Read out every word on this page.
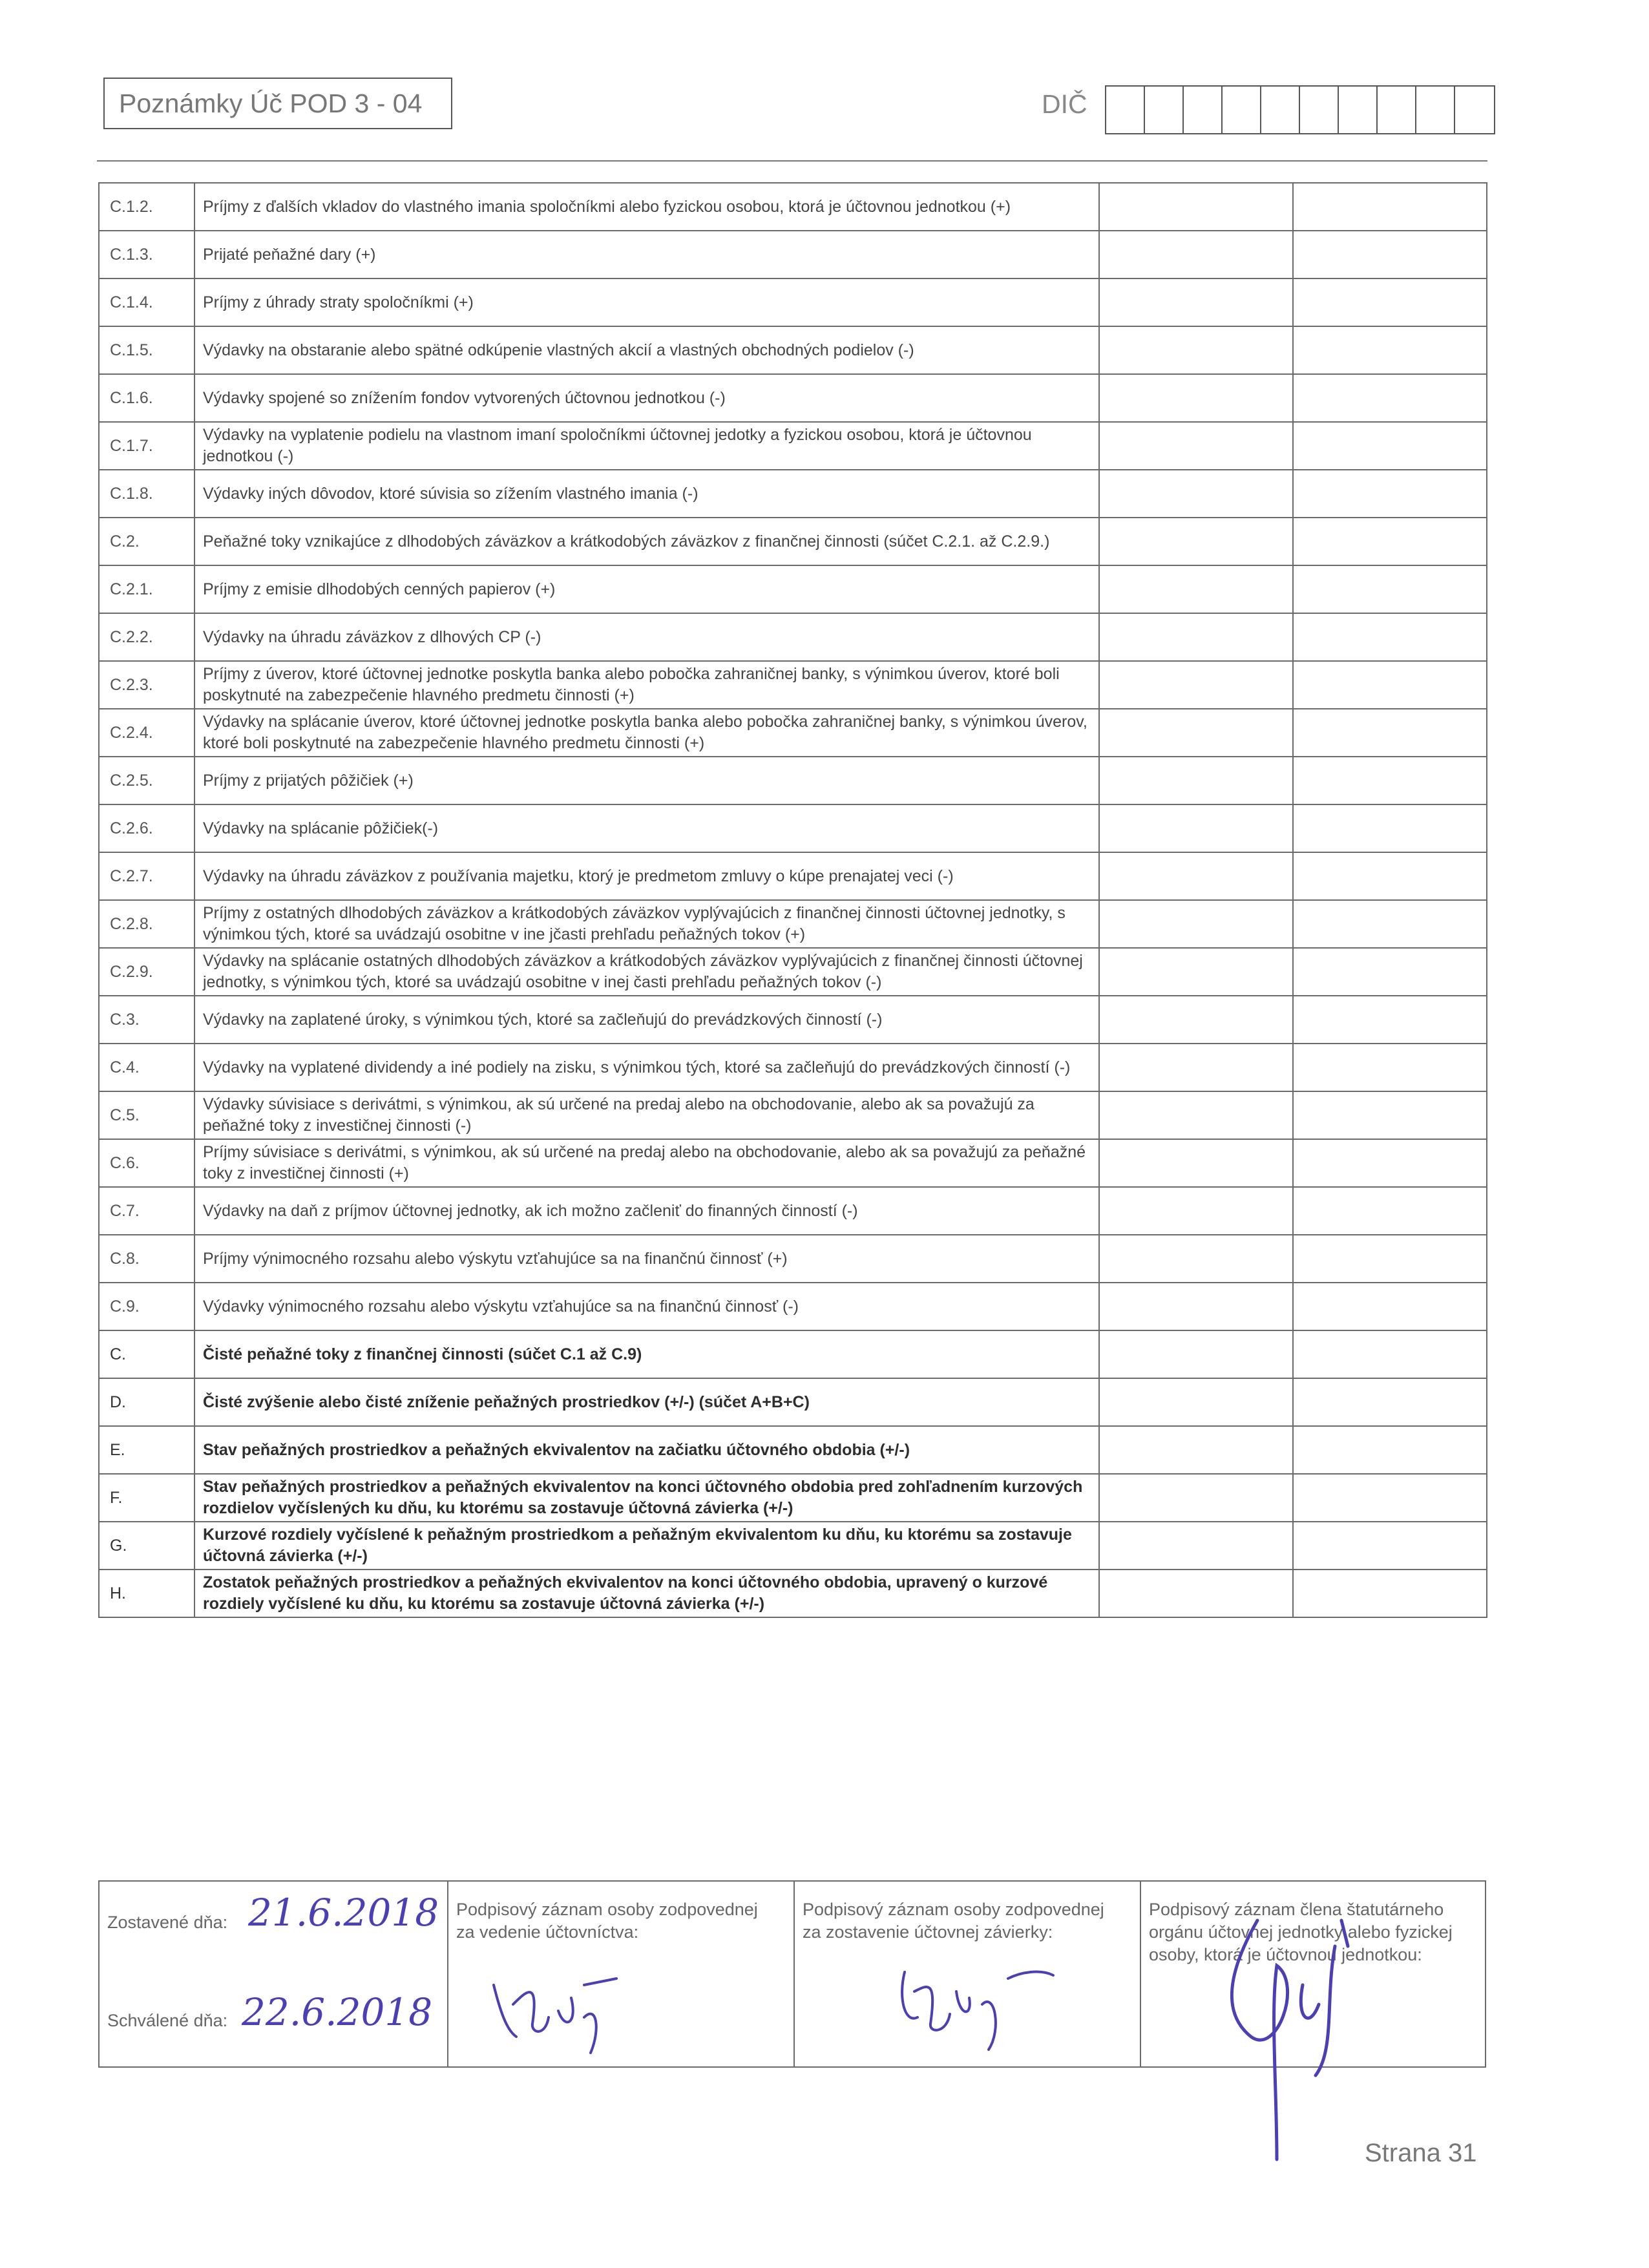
Poznámky Úč POD 3 - 04	DIČ
C.1.2.	Príjmy z ďalších vkladov do vlastného imania spoločníkmi alebo fyzickou osobou, ktorá je účtovnou jednotkou (+)		
C.1.3.	Prijaté peňažné dary (+)		
C.1.4.	Príjmy z úhrady straty spoločníkmi (+)		
C.1.5.	Výdavky na obstaranie alebo spätné odkúpenie vlastných akcií a vlastných obchodných podielov (-)		
C.1.6.	Výdavky spojené so znížením fondov vytvorených účtovnou jednotkou (-)		
C.1.7.	Výdavky na vyplatenie podielu na vlastnom imaní spoločníkmi účtovnej jedotky a fyzickou osobou, ktorá je účtovnou jednotkou (-)		
C.1.8.	Výdavky iných dôvodov, ktoré súvisia so zížením vlastného imania (-)		
C.2.	Peňažné toky vznikajúce z dlhodobých záväzkov a krátkodobých záväzkov z finančnej činnosti (súčet C.2.1. až C.2.9.)		
C.2.1.	Príjmy z emisie dlhodobých cenných papierov (+)		
C.2.2.	Výdavky na úhradu záväzkov z dlhových CP (-)		
C.2.3.	Príjmy z úverov, ktoré účtovnej jednotke poskytla banka alebo pobočka zahraničnej banky, s výnimkou úverov, ktoré boli poskytnuté na zabezpečenie hlavného predmetu činnosti (+)		
C.2.4.	Výdavky na splácanie úverov, ktoré účtovnej jednotke poskytla banka alebo pobočka zahraničnej banky, s výnimkou úverov, ktoré boli poskytnuté na zabezpečenie hlavného predmetu činnosti (+)		
C.2.5.	Príjmy z prijatých pôžičiek (+)		
C.2.6.	Výdavky na splácanie pôžičiek(-)		
C.2.7.	Výdavky na úhradu záväzkov z používania majetku, ktorý je predmetom zmluvy o kúpe prenajatej veci (-)		
C.2.8.	Príjmy z ostatných dlhodobých záväzkov a krátkodobých záväzkov vyplývajúcich z finančnej činnosti účtovnej jednotky, s výnimkou tých, ktoré sa uvádzajú osobitne v ine jčasti prehľadu peňažných tokov (+)		
C.2.9.	Výdavky na splácanie ostatných dlhodobých záväzkov a krátkodobých záväzkov vyplývajúcich z finančnej činnosti účtovnej jednotky, s výnimkou tých, ktoré sa uvádzajú osobitne v inej časti prehľadu peňažných tokov (-)		
C.3.	Výdavky na zaplatené úroky, s výnimkou tých, ktoré sa začleňujú do prevádzkových činností (-)		
C.4.	Výdavky na vyplatené dividendy a iné podiely na zisku, s výnimkou tých, ktoré sa začleňujú do prevádzkových činností (-)		
C.5.	Výdavky súvisiace s derivátmi, s výnimkou, ak sú určené na predaj alebo na obchodovanie, alebo ak sa považujú za peňažné toky z investičnej činnosti (-)		
C.6.	Príjmy súvisiace s derivátmi, s výnimkou, ak sú určené na predaj alebo na obchodovanie, alebo ak sa považujú za peňažné toky z investičnej činnosti (+)		
C.7.	Výdavky na daň z príjmov účtovnej jednotky, ak ich možno začleniť do finanných činností (-)		
C.8.	Príjmy výnimocného rozsahu alebo výskytu vzťahujúce sa na finančnú činnosť (+)		
C.9.	Výdavky výnimocného rozsahu alebo výskytu vzťahujúce sa na finančnú činnosť (-)		
C.	Čisté peňažné toky z finančnej činnosti (súčet C.1 až C.9)		
D.	Čisté zvýšenie alebo čisté zníženie peňažných prostriedkov (+/-) (súčet A+B+C)		
E.	Stav peňažných prostriedkov a peňažných ekvivalentov na začiatku účtovného obdobia (+/-)		
F.	Stav peňažných prostriedkov a peňažných ekvivalentov na konci účtovného obdobia pred zohľadnením kurzových rozdielov vyčíslených ku dňu, ku ktorému sa zostavuje účtovná závierka (+/-)		
G.	Kurzové rozdiely vyčíslené k peňažným prostriedkom a peňažným ekvivalentom ku dňu, ku ktorému sa zostavuje účtovná závierka (+/-)		
H.	Zostatok peňažných prostriedkov a peňažných ekvivalentov na konci účtovného obdobia, upravený o kurzové rozdiely vyčíslené ku dňu, ku ktorému sa zostavuje účtovná závierka (+/-)		
Zostavené dňa: 21.6.2018
Schválené dňa: 22.6.2018
Podpisový záznam osoby zodpovednej za vedenie účtovníctva:
Podpisový záznam osoby zodpovednej za zostavenie účtovnej závierky:
Podpisový záznam člena štatutárneho orgánu účtovnej jednotky alebo fyzickej osoby, ktorá je účtovnou jednotkou:
Strana 31
